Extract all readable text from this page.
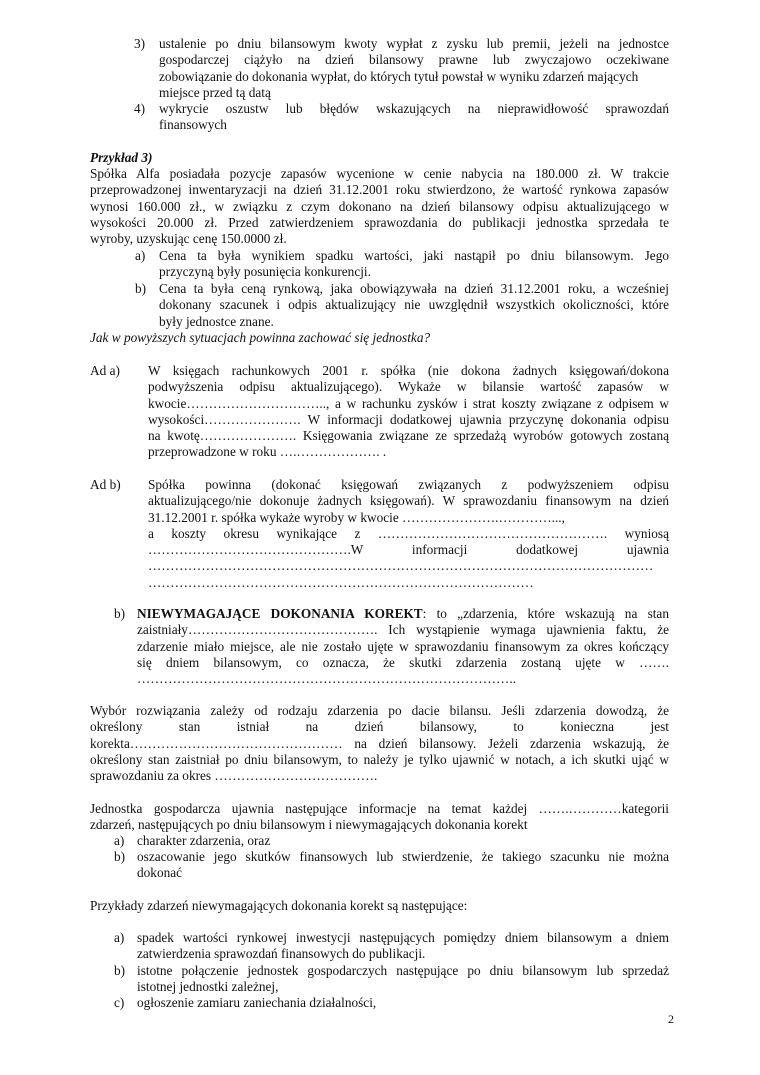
3) ustalenie po dniu bilansowym kwoty wypłat z zysku lub premii, jeżeli na jednostce
gospodarczej ciążyło na dzień bilansowy prawne lub zwyczajowo oczekiwane
zobowiązanie do dokonania wypłat, do których tytuł powstał w wyniku zdarzeń mających
miejsce przed tą datą
4) wykrycie oszustw lub błędów wskazujących na nieprawidłowość sprawozdań
finansowych
Przykład 3)
Spółka Alfa posiadała pozycje zapasów wycenione w cenie nabycia na 180.000 zł. W trakcie
przeprowadzonej inwentaryzacji na dzień 31.12.2001 roku stwierdzono, że wartość rynkowa zapasów
wynosi 160.000 zł., w związku z czym dokonano na dzień bilansowy odpisu aktualizującego w
wysokości 20.000 zł. Przed zatwierdzeniem sprawozdania do publikacji jednostka sprzedała te
wyroby, uzyskując cenę 150.0000 zł.
a) Cena ta była wynikiem spadku wartości, jaki nastąpił po dniu bilansowym. Jego
przyczyną były posunięcia konkurencji.
b) Cena ta była ceną rynkową, jaka obowiązywała na dzień 31.12.2001 roku, a wcześniej
dokonany szacunek i odpis aktualizujący nie uwzględnił wszystkich okoliczności, które
były jednostce znane.
Jak w powyższych sytuacjach powinna zachować się jednostka?
Ad a) W księgach rachunkowych 2001 r. spółka (nie dokona żadnych księgowań/dokona
podwyższenia odpisu aktualizującego). Wykaże w bilansie wartość zapasów w
kwocie………………………….., a w rachunku zysków i strat koszty związane z odpisem w
wysokości…………………. W informacji dodatkowej ujawnia przyczynę dokonania odpisu
na kwotę…………………. Księgowania związane ze sprzedażą wyrobów gotowych zostaną
przeprowadzone w roku ….………………. .
Ad b) Spółka powinna (dokonać księgowań związanych z podwyższeniem odpisu
aktualizującego/nie dokonuje żadnych księgowań). W sprawozdaniu finansowym na dzień
31.12.2001 r. spółka wykaże wyroby w kwocie ………………….…………...,
a koszty okresu wynikające z ……………………………………………. wyniosą
……………………………………….W informacji dodatkowej ujawnia
……………………………………………………………………………………………………
……………………………………………………………………………
b) NIEWYMAGAJĄCE DOKONANIA KOREKT: to „zdarzenia, które wskazują na stan
zaistniały……………………………………. Ich wystąpienie wymaga ujawnienia faktu, że
zdarzenie miało miejsce, ale nie zostało ujęte w sprawozdaniu finansowym za okres kończący
się dniem bilansowym, co oznacza, że skutki zdarzenia zostaną ujęte w …….
…………………………………………………………………………..
Wybór rozwiązania zależy od rodzaju zdarzenia po dacie bilansu. Jeśli zdarzenia dowodzą, że
określony stan istniał na dzień bilansowy, to konieczna jest
korekta………………………………………… na dzień bilansowy. Jeżeli zdarzenia wskazują, że
określony stan zaistniał po dniu bilansowym, to należy je tylko ujawnić w notach, a ich skutki ująć w
sprawozdaniu za okres ……………………………….
Jednostka gospodarcza ujawnia następujące informacje na temat każdej …….…………kategorii
zdarzeń, następujących po dniu bilansowym i niewymagających dokonania korekt
a) charakter zdarzenia, oraz
b) oszacowanie jego skutków finansowych lub stwierdzenie, że takiego szacunku nie można
dokonać
Przykłady zdarzeń niewymagających dokonania korekt są następujące:
a) spadek wartości rynkowej inwestycji następujących pomiędzy dniem bilansowym a dniem
zatwierdzenia sprawozdań finansowych do publikacji.
b) istotne połączenie jednostek gospodarczych następujące po dniu bilansowym lub sprzedaż
istotnej jednostki zależnej,
c) ogłoszenie zamiaru zaniechania działalności,
2
